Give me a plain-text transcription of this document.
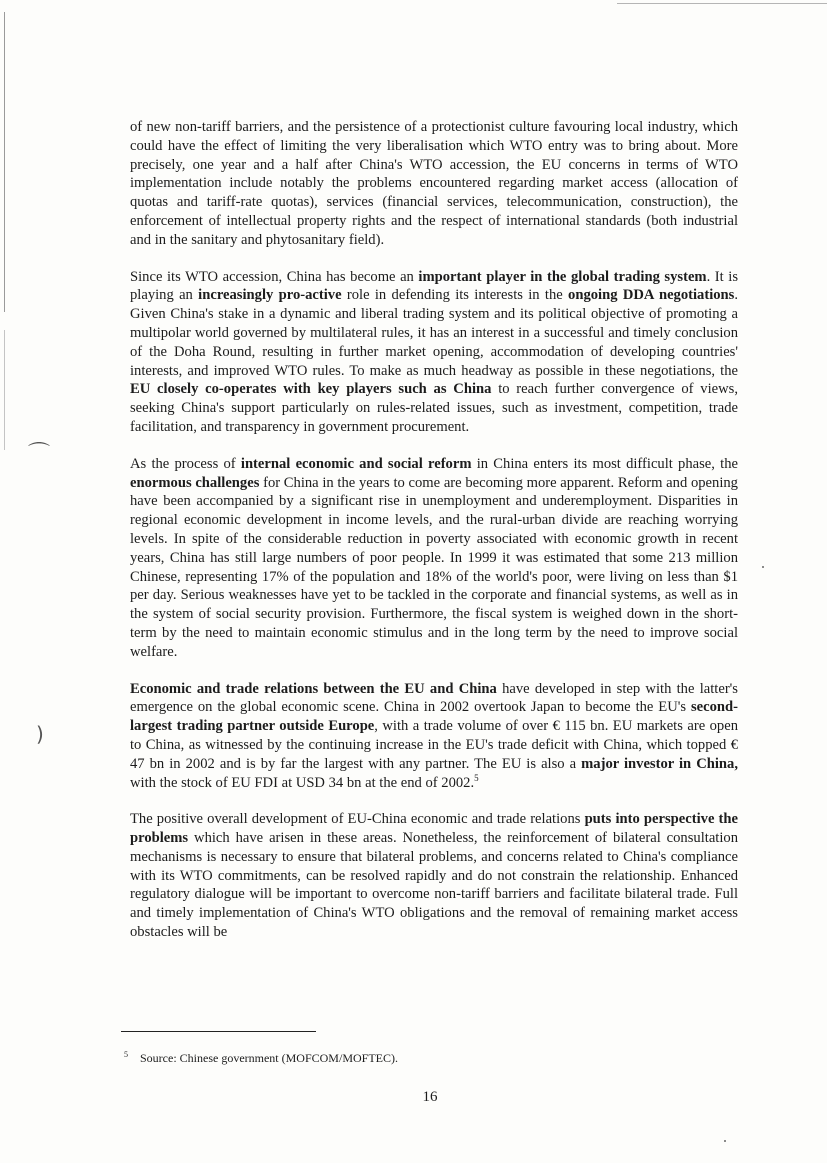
⌒
)

of new non-tariff barriers, and the persistence of a protectionist culture favouring local industry, which could have the effect of limiting the very liberalisation which WTO entry was to bring about. More precisely, one year and a half after China's WTO accession, the EU concerns in terms of WTO implementation include notably the problems encountered regarding market access (allocation of quotas and tariff-rate quotas), services (financial services, telecommunication, construction), the enforcement of intellectual property rights and the respect of international standards (both industrial and in the sanitary and phytosanitary field).

Since its WTO accession, China has become an important player in the global trading system. It is playing an increasingly pro-active role in defending its interests in the ongoing DDA negotiations. Given China's stake in a dynamic and liberal trading system and its political objective of promoting a multipolar world governed by multilateral rules, it has an interest in a successful and timely conclusion of the Doha Round, resulting in further market opening, accommodation of developing countries' interests, and improved WTO rules. To make as much headway as possible in these negotiations, the EU closely co-operates with key players such as China to reach further convergence of views, seeking China's support particularly on rules-related issues, such as investment, competition, trade facilitation, and transparency in government procurement.

As the process of internal economic and social reform in China enters its most difficult phase, the enormous challenges for China in the years to come are becoming more apparent. Reform and opening have been accompanied by a significant rise in unemployment and underemployment. Disparities in regional economic development in income levels, and the rural-urban divide are reaching worrying levels. In spite of the considerable reduction in poverty associated with economic growth in recent years, China has still large numbers of poor people. In 1999 it was estimated that some 213 million Chinese, representing 17% of the population and 18% of the world's poor, were living on less than $1 per day. Serious weaknesses have yet to be tackled in the corporate and financial systems, as well as in the system of social security provision. Furthermore, the fiscal system is weighed down in the short-term by the need to maintain economic stimulus and in the long term by the need to improve social welfare.

Economic and trade relations between the EU and China have developed in step with the latter's emergence on the global economic scene. China in 2002 overtook Japan to become the EU's second-largest trading partner outside Europe, with a trade volume of over € 115 bn. EU markets are open to China, as witnessed by the continuing increase in the EU's trade deficit with China, which topped € 47 bn in 2002 and is by far the largest with any partner. The EU is also a major investor in China, with the stock of EU FDI at USD 34 bn at the end of 2002.$^5$

The positive overall development of EU-China economic and trade relations puts into perspective the problems which have arisen in these areas. Nonetheless, the reinforcement of bilateral consultation mechanisms is necessary to ensure that bilateral problems, and concerns related to China's compliance with its WTO commitments, can be resolved rapidly and do not constrain the relationship. Enhanced regulatory dialogue will be important to overcome non-tariff barriers and facilitate bilateral trade. Full and timely implementation of China's WTO obligations and the removal of remaining market access obstacles will be

$^5$ Source: Chinese government (MOFCOM/MOFTEC).
16
